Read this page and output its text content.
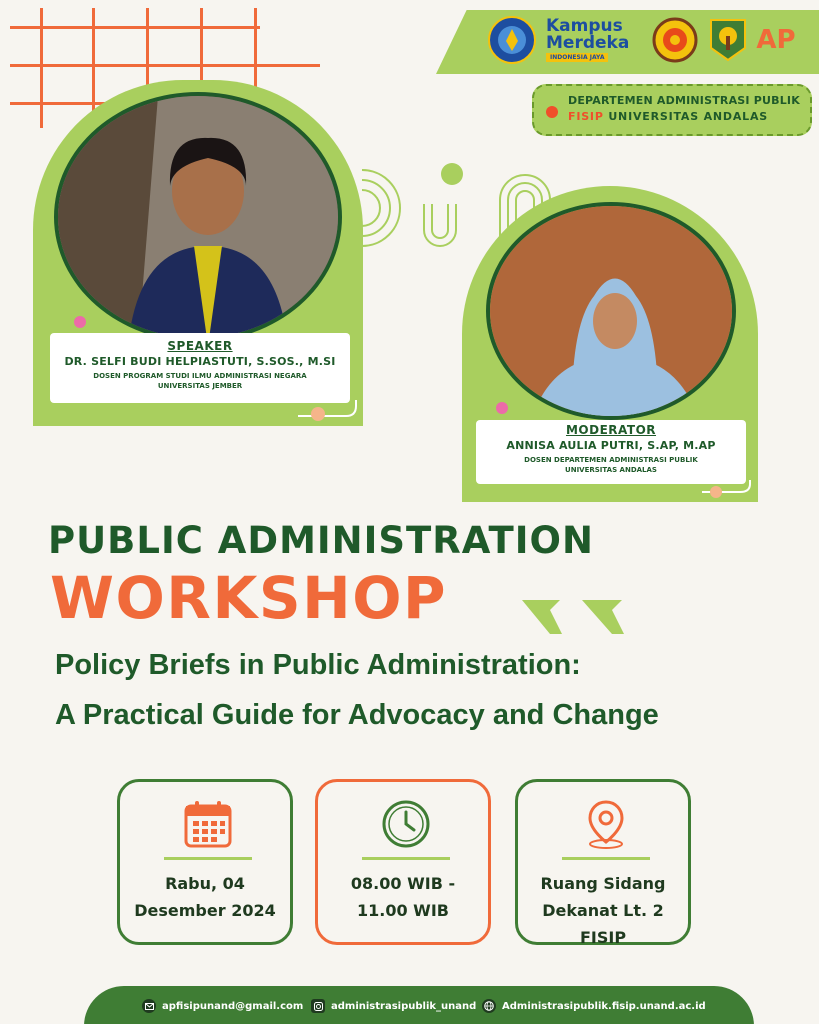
Kampus
Merdeka
INDONESIA JAYA
AP
DEPARTEMEN ADMINISTRASI PUBLIK
FISIP UNIVERSITAS ANDALAS
SPEAKER
DR. SELFI BUDI HELPIASTUTI, S.SOS., M.SI
DOSEN PROGRAM STUDI ILMU ADMINISTRASI NEGARA
UNIVERSITAS JEMBER
MODERATOR
ANNISA AULIA PUTRI, S.AP, M.AP
DOSEN DEPARTEMEN ADMINISTRASI PUBLIK
UNIVERSITAS ANDALAS
PUBLIC ADMINISTRATION
WORKSHOP
Policy Briefs in Public Administration:
A Practical Guide for Advocacy and Change
Rabu, 04
Desember 2024
08.00 WIB -
11.00 WIB
Ruang Sidang
Dekanat Lt. 2
FISIP
apfisipunand@gmail.com	administrasipublik_unand	Administrasipublik.fisip.unand.ac.id
